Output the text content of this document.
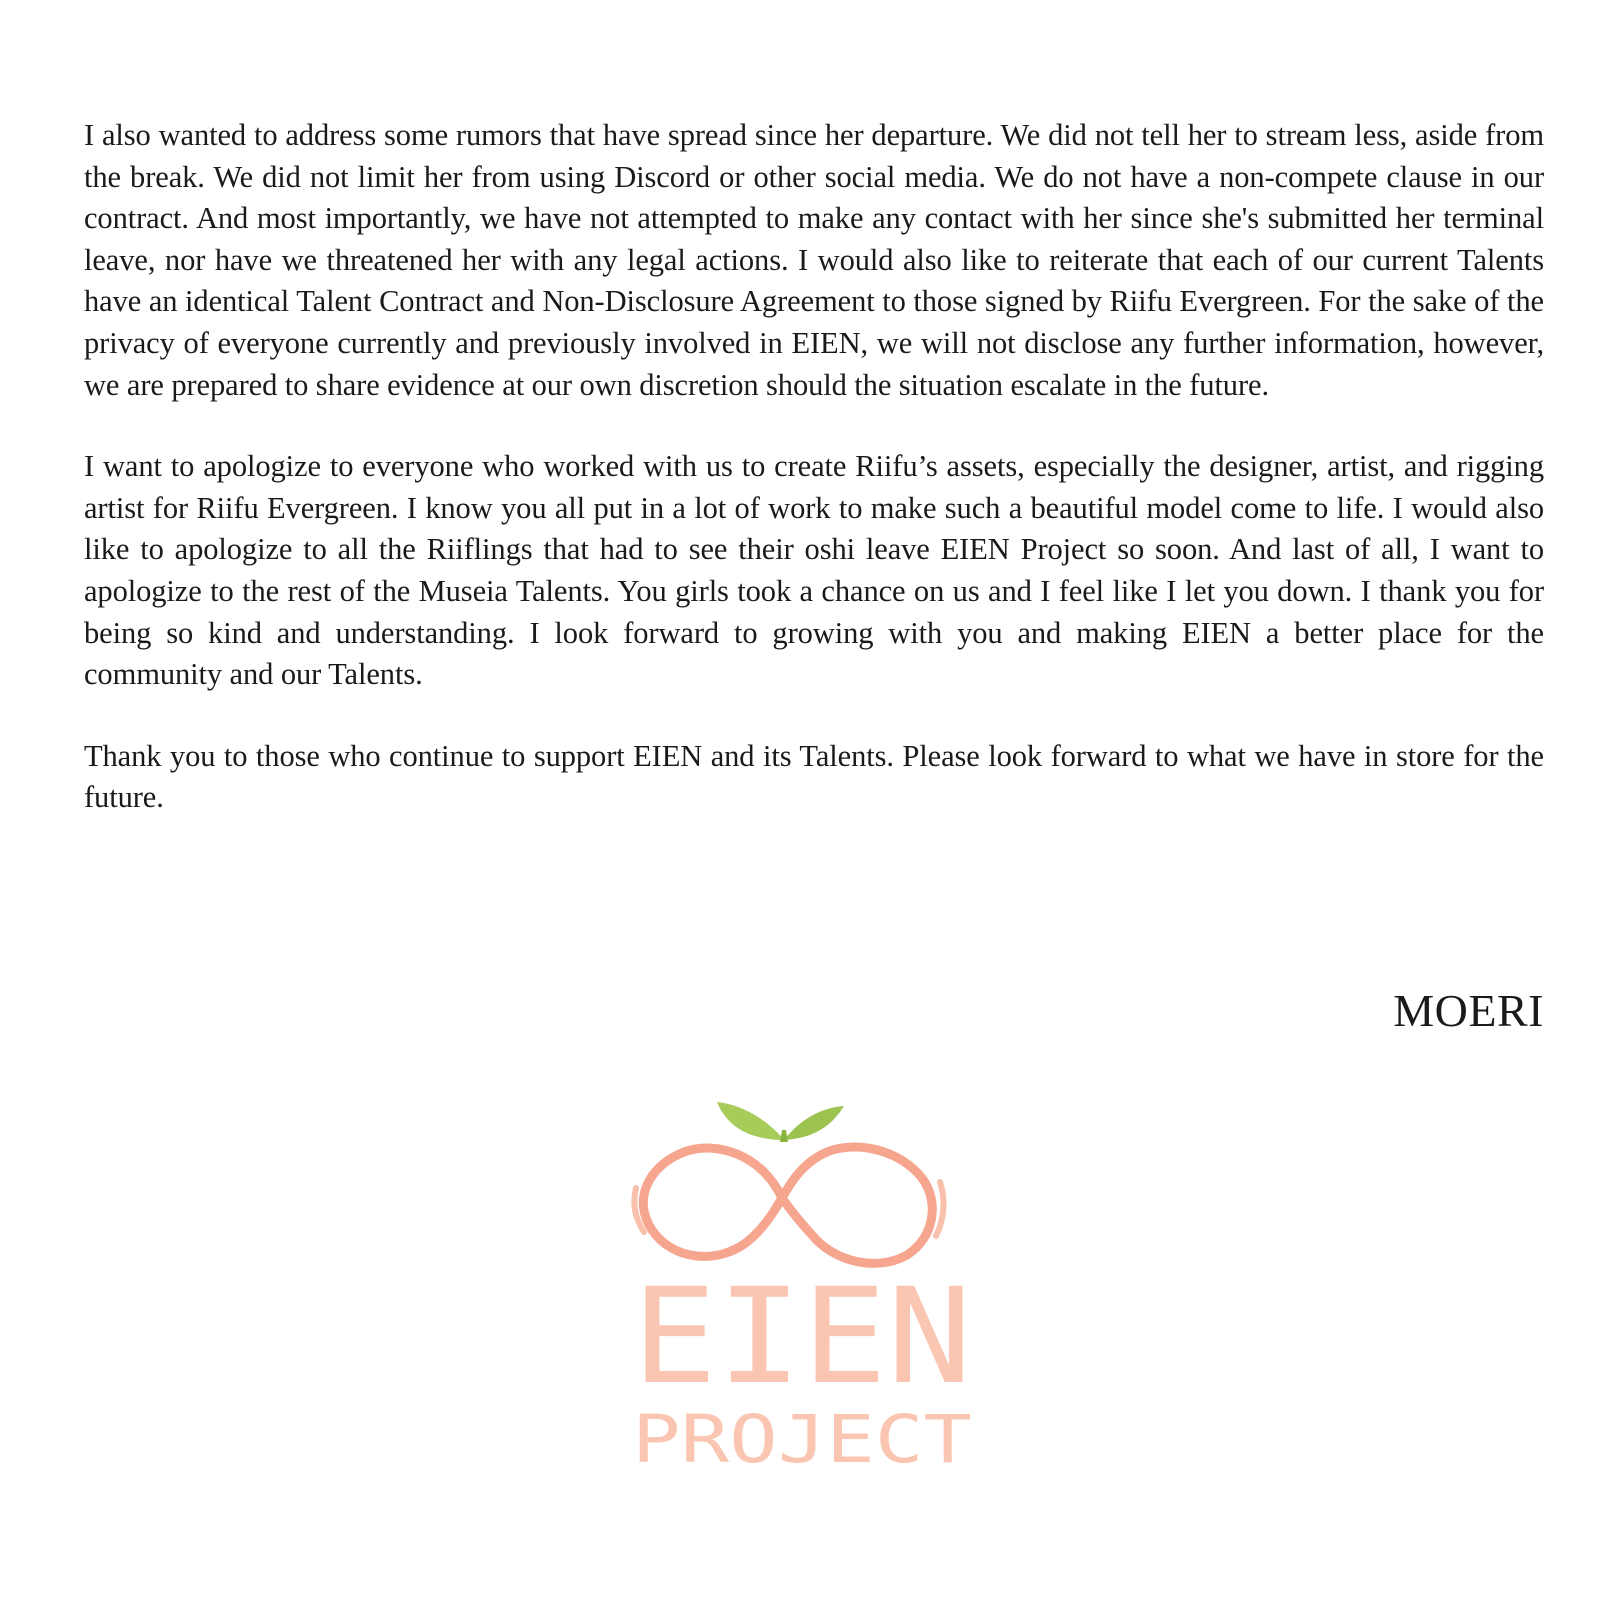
I also wanted to address some rumors that have spread since her departure. We did not tell her to stream less, aside from the break. We did not limit her from using Discord or other social media. We do not have a non-compete clause in our contract. And most importantly, we have not attempted to make any contact with her since she's submitted her terminal leave, nor have we threatened her with any legal actions. I would also like to reiterate that each of our current Talents have an identical Talent Contract and Non-Disclosure Agreement to those signed by Riifu Evergreen. For the sake of the privacy of everyone currently and previously involved in EIEN, we will not disclose any further information, however, we are prepared to share evidence at our own discretion should the situation escalate in the future.

I want to apologize to everyone who worked with us to create Riifu’s assets, especially the designer, artist, and rigging artist for Riifu Evergreen. I know you all put in a lot of work to make such a beautiful model come to life. I would also like to apologize to all the Riiflings that had to see their oshi leave EIEN Project so soon. And last of all, I want to apologize to the rest of the Museia Talents. You girls took a chance on us and I feel like I let you down. I thank you for being so kind and understanding. I look forward to growing with you and making EIEN a better place for the community and our Talents.

Thank you to those who continue to support EIEN and its Talents. Please look forward to what we have in store for the future.

MOERI
EIEN
PROJECT
